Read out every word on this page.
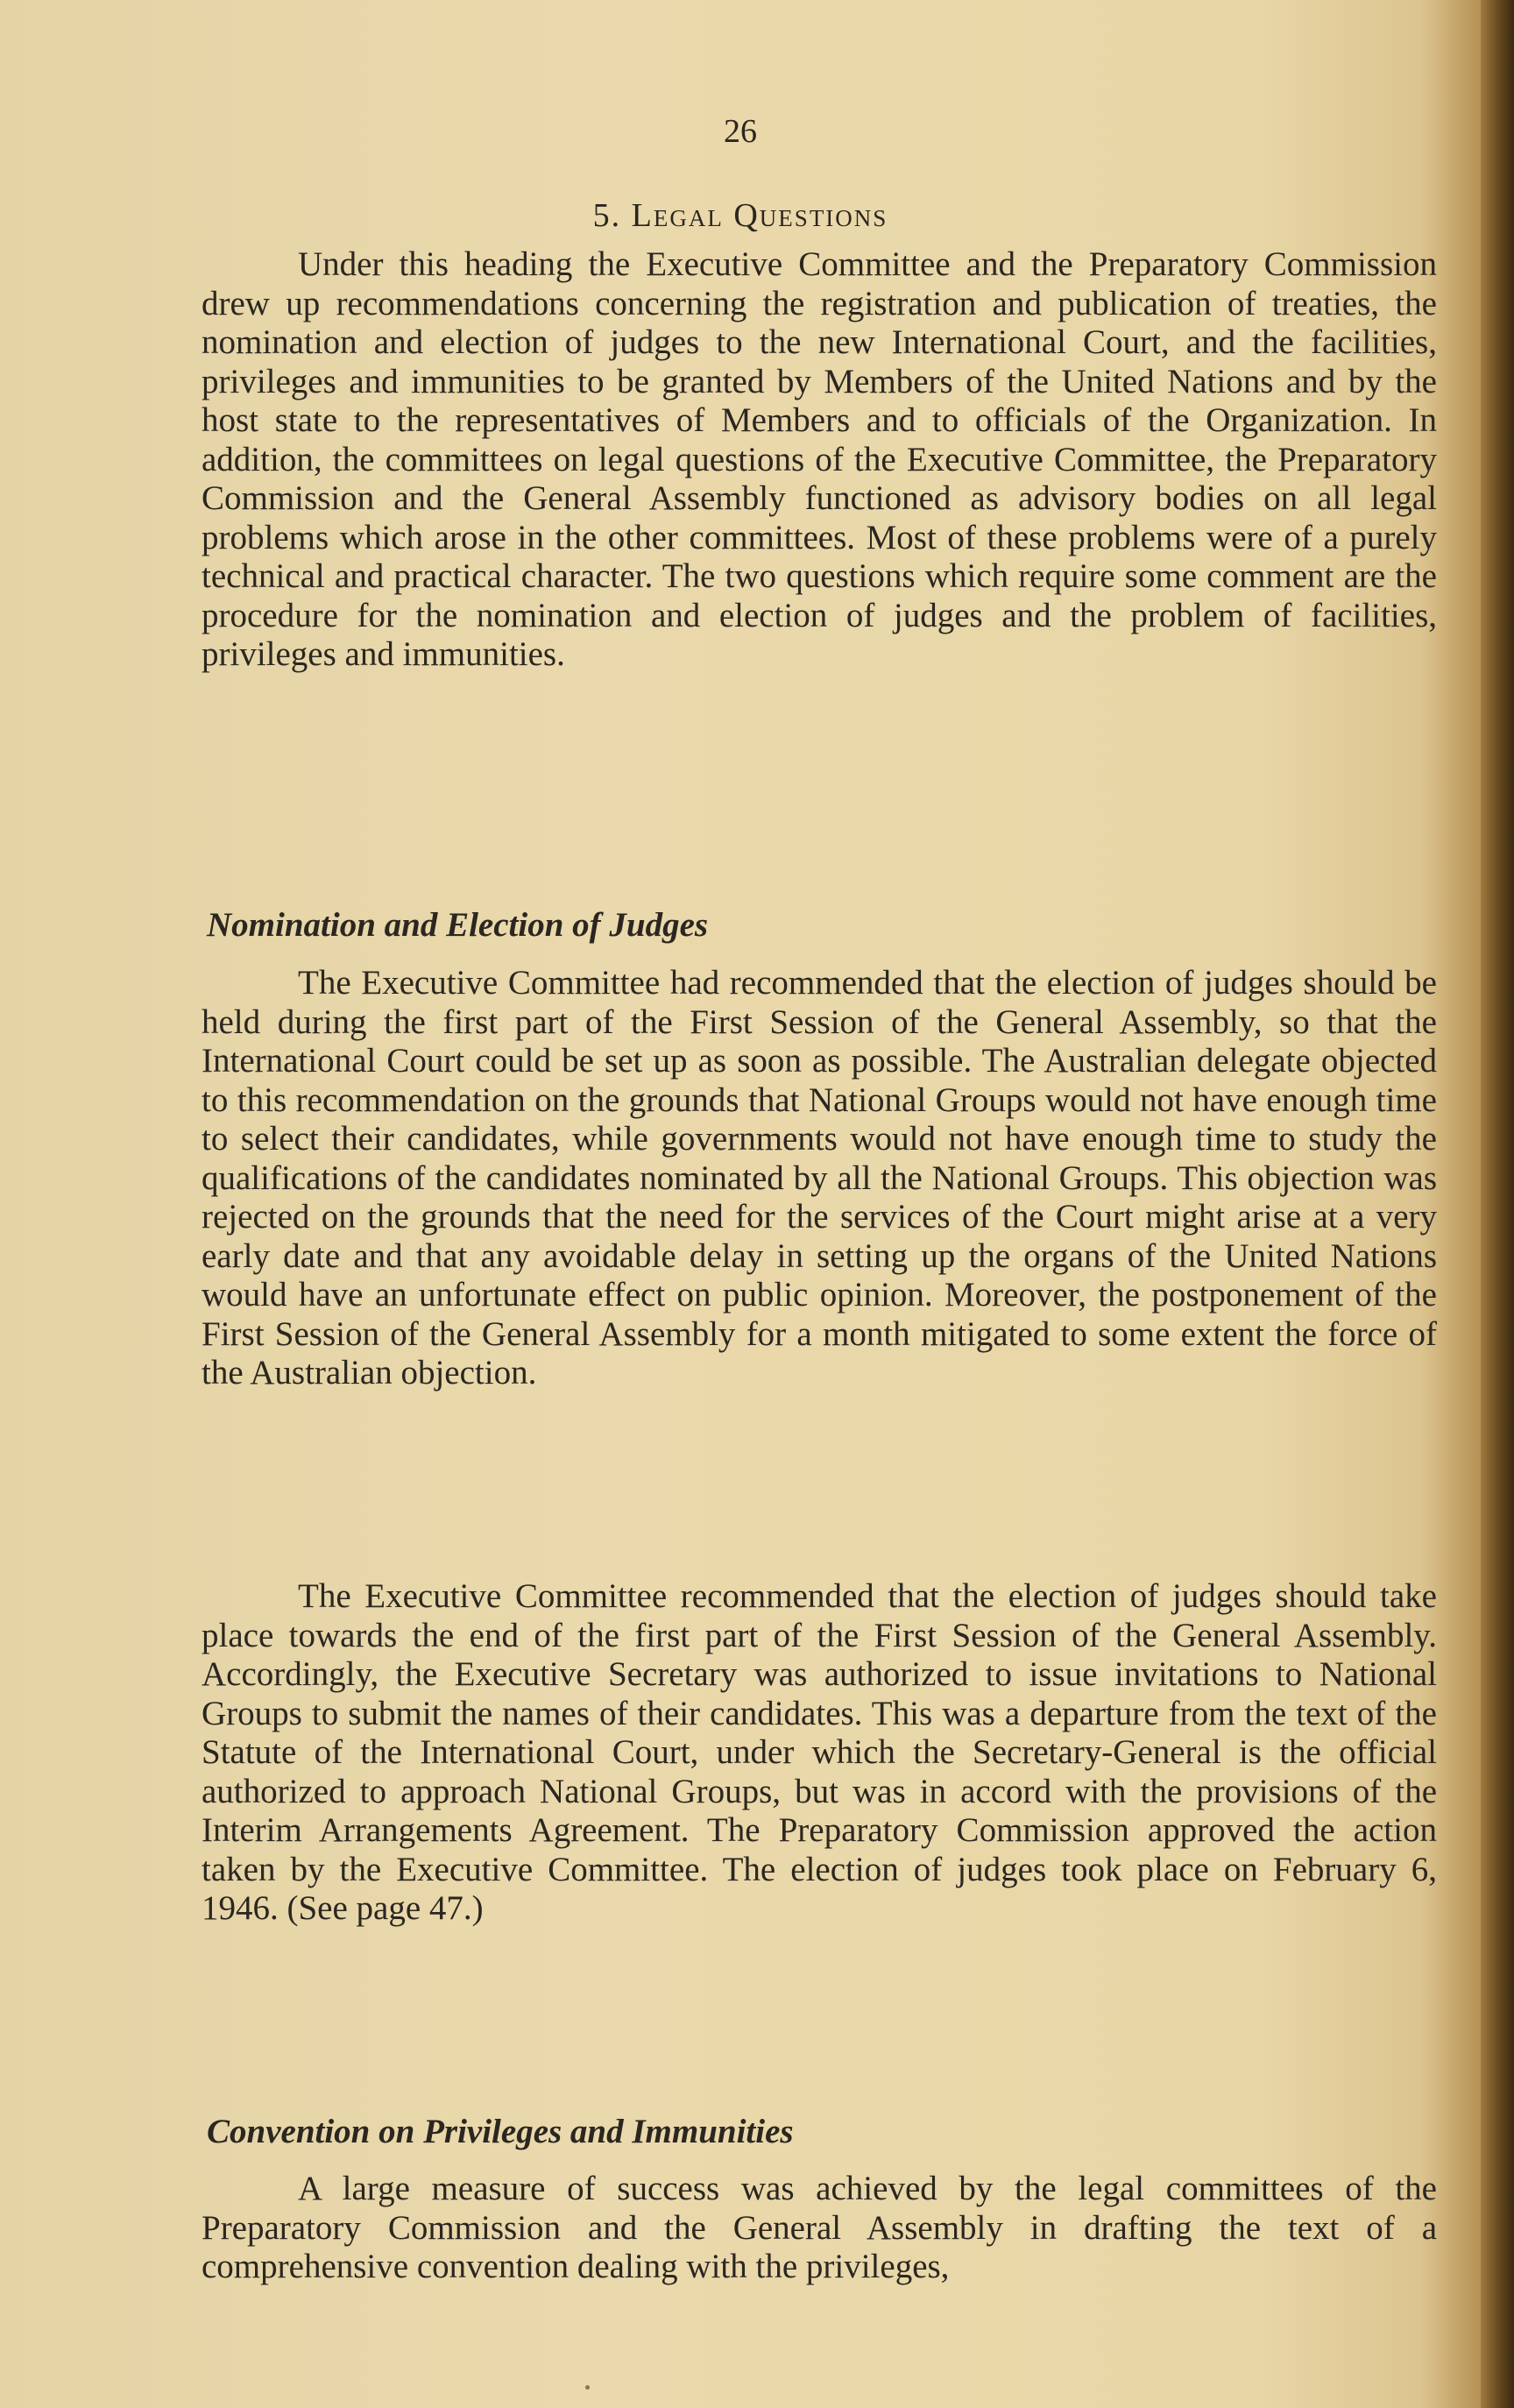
26
5. Legal Questions

Under this heading the Executive Committee and the Preparatory Commission drew up recommendations concerning the registration and publication of treaties, the nomination and election of judges to the new International Court, and the facilities, privileges and immunities to be granted by Members of the United Nations and by the host state to the representatives of Members and to officials of the Organization. In addition, the committees on legal questions of the Executive Committee, the Preparatory Commission and the General Assembly functioned as advisory bodies on all legal problems which arose in the other committees. Most of these problems were of a purely technical and practical character. The two questions which require some comment are the procedure for the nomination and election of judges and the problem of facilities, privileges and immunities.

Nomination and Election of Judges

The Executive Committee had recommended that the election of judges should be held during the first part of the First Session of the General Assembly, so that the International Court could be set up as soon as possible. The Australian delegate objected to this recommendation on the grounds that National Groups would not have enough time to select their candidates, while governments would not have enough time to study the qualifications of the candidates nominated by all the National Groups. This objection was rejected on the grounds that the need for the services of the Court might arise at a very early date and that any avoidable delay in setting up the organs of the United Nations would have an unfortunate effect on public opinion. Moreover, the postponement of the First Session of the General Assembly for a month mitigated to some extent the force of the Australian objection.

The Executive Committee recommended that the election of judges should take place towards the end of the first part of the First Session of the General Assembly. Accordingly, the Executive Secretary was authorized to issue invitations to National Groups to submit the names of their candidates. This was a departure from the text of the Statute of the International Court, under which the Secretary-General is the official authorized to approach National Groups, but was in accord with the provisions of the Interim Arrangements Agreement. The Preparatory Commission approved the action taken by the Executive Committee. The election of judges took place on February 6, 1946. (See page 47.)

Convention on Privileges and Immunities

A large measure of success was achieved by the legal committees of the Preparatory Commission and the General Assembly in drafting the text of a comprehensive convention dealing with the privileges,
